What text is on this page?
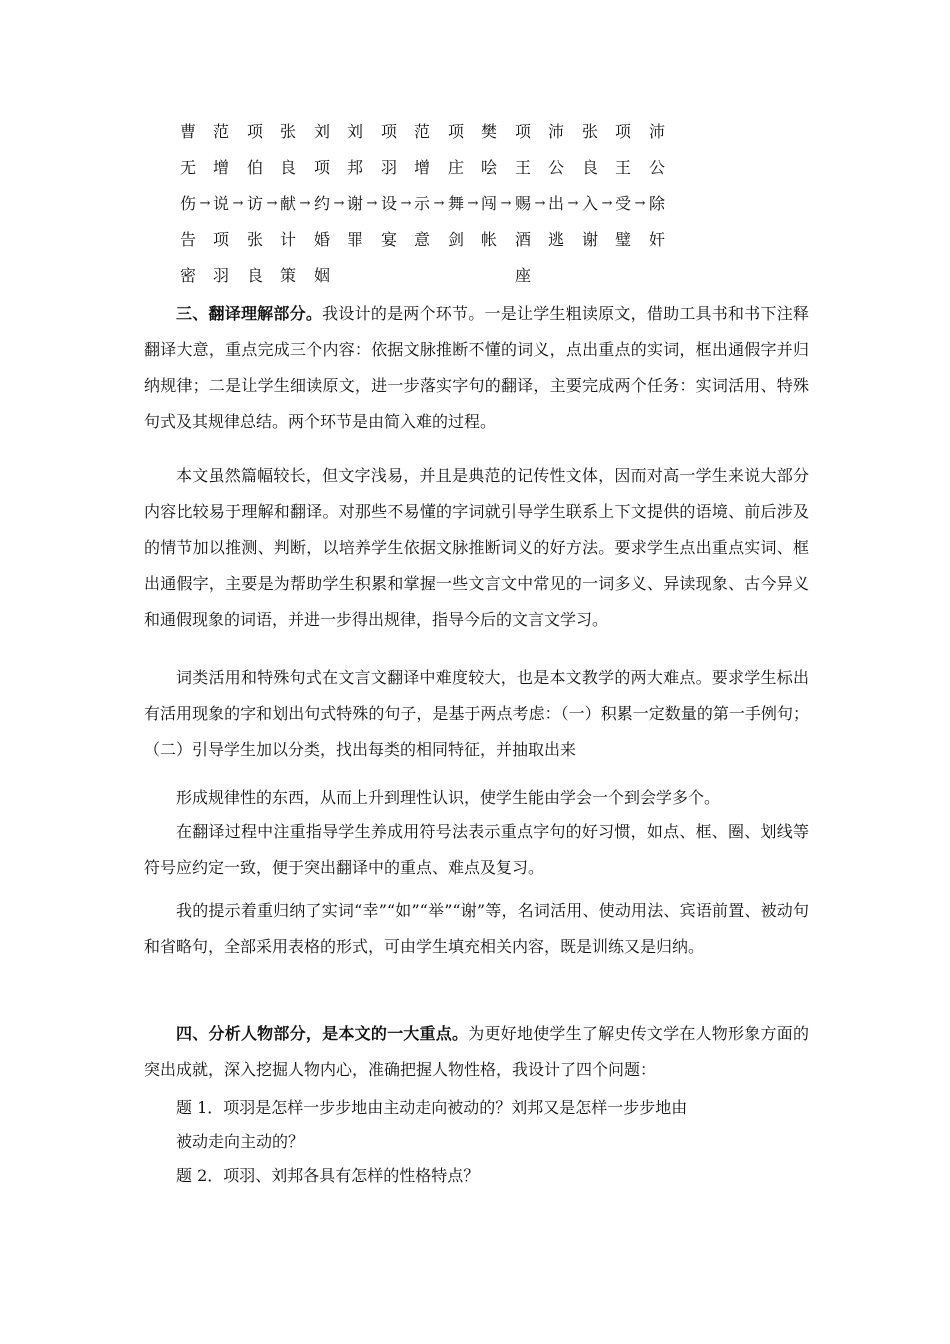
曹 范 项 张 刘 刘 项 范 项 樊 项 沛 张 项 沛
无 增 伯 良 项 邦 羽 增 庄 哙 王 公 良 王 公
伤 → 说 → 访 → 献 → 约 → 谢 → 设 → 示 → 舞 → 闯 → 赐 → 出 → 入 → 受 → 除
告 项 张 计 婚 罪 宴 意 剑 帐 酒 逃 谢 璧 奸
密 羽 良 策 姻	座

三、翻译理解部分。我设计的是两个环节。一是让学生粗读原文，借助工具书和书下注释翻译大意，重点完成三个内容：依据文脉推断不懂的词义，点出重点的实词，框出通假字并归纳规律；二是让学生细读原文，进一步落实字句的翻译，主要完成两个任务：实词活用、特殊句式及其规律总结。两个环节是由简入难的过程。

本文虽然篇幅较长，但文字浅易，并且是典范的记传性文体，因而对高一学生来说大部分内容比较易于理解和翻译。对那些不易懂的字词就引导学生联系上下文提供的语境、前后涉及的情节加以推测、判断，以培养学生依据文脉推断词义的好方法。要求学生点出重点实词、框出通假字，主要是为帮助学生积累和掌握一些文言文中常见的一词多义、异读现象、古今异义和通假现象的词语，并进一步得出规律，指导今后的文言文学习。

词类活用和特殊句式在文言文翻译中难度较大，也是本文教学的两大难点。要求学生标出有活用现象的字和划出句式特殊的句子，是基于两点考虑：（一）积累一定数量的第一手例句；（二）引导学生加以分类，找出每类的相同特征，并抽取出来

形成规律性的东西，从而上升到理性认识，使学生能由学会一个到会学多个。

在翻译过程中注重指导学生养成用符号法表示重点字句的好习惯，如点、框、圈、划线等符号应约定一致，便于突出翻译中的重点、难点及复习。

我的提示着重归纳了实词“幸”“如”“举”“谢”等，名词活用、使动用法、宾语前置、被动句和省略句，全部采用表格的形式，可由学生填充相关内容，既是训练又是归纳。

四、分析人物部分，是本文的一大重点。为更好地使学生了解史传文学在人物形象方面的突出成就，深入挖掘人物内心，准确把握人物性格，我设计了四个问题：

题 1．项羽是怎样一步步地由主动走向被动的？刘邦又是怎样一步步地由

被动走向主动的？

题 2．项羽、刘邦各具有怎样的性格特点？
